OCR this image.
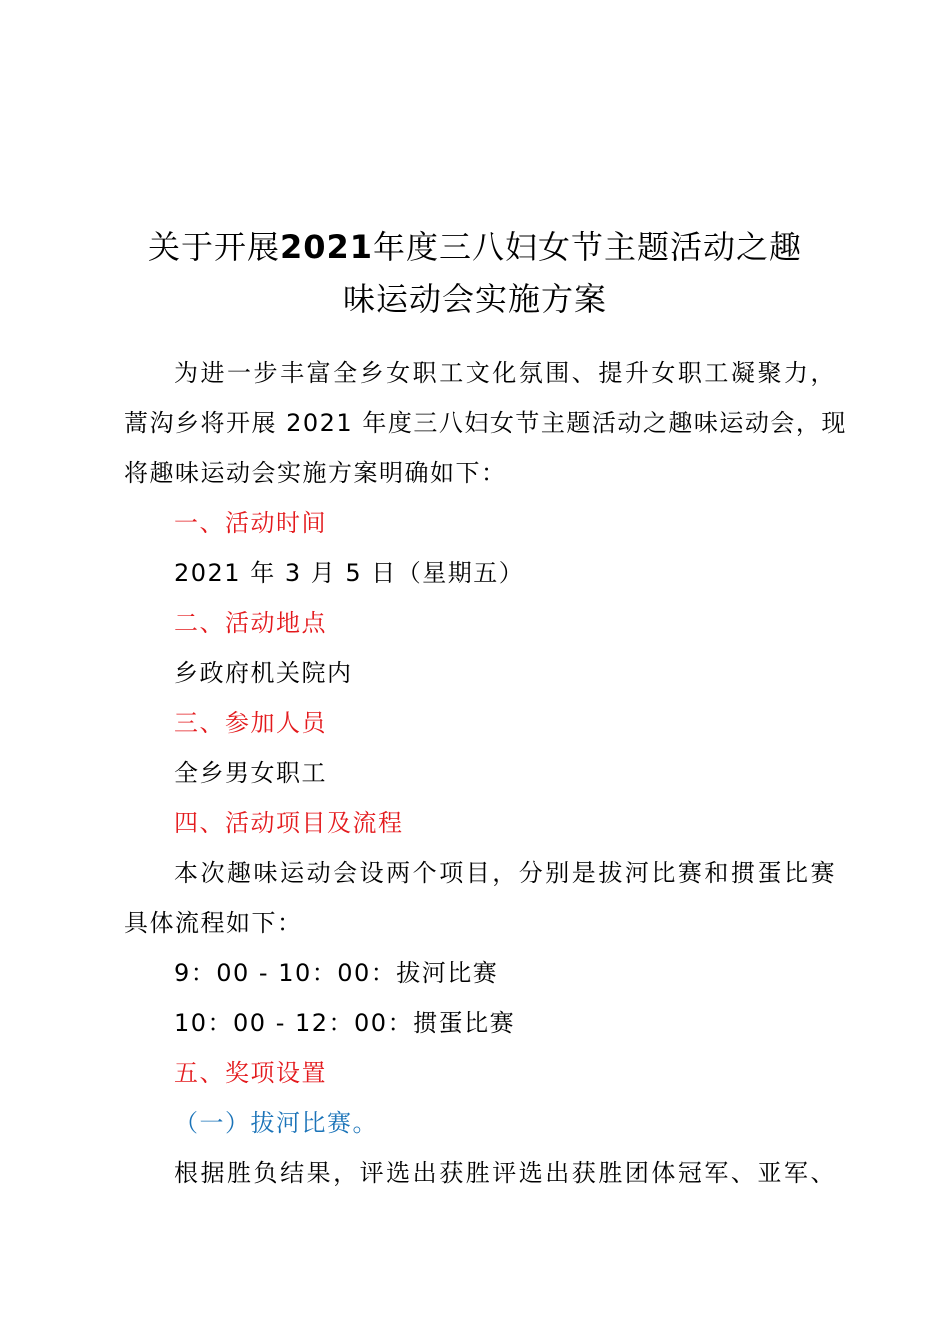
关于开展2021年度三八妇女节主题活动之趣
味运动会实施方案
为进一步丰富全乡女职工文化氛围、提升女职工凝聚力，
蒿沟乡将开展 2021 年度三八妇女节主题活动之趣味运动会，现
将趣味运动会实施方案明确如下：
一、活动时间
2021 年 3 月 5 日（星期五）
二、活动地点
乡政府机关院内
三、参加人员
全乡男女职工
四、活动项目及流程
本次趣味运动会设两个项目，分别是拔河比赛和掼蛋比赛
具体流程如下：
9：00 - 10：00：拔河比赛
10：00 - 12：00：掼蛋比赛
五、奖项设置
（一）拔河比赛。
根据胜负结果，评选出获胜评选出获胜团体冠军、亚军、
